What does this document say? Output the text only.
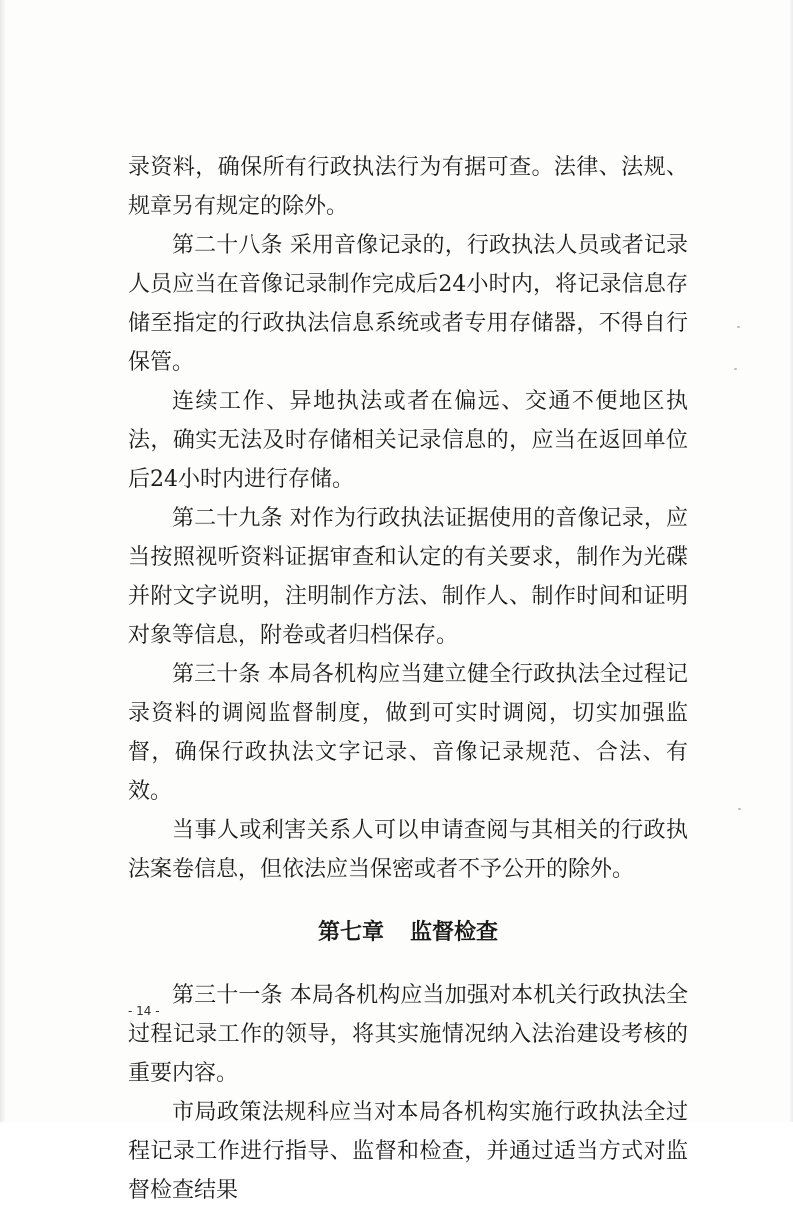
录资料，确保所有行政执法行为有据可查。法律、法规、规章另有规定的除外。

第二十八条 采用音像记录的，行政执法人员或者记录人员应当在音像记录制作完成后24小时内，将记录信息存储至指定的行政执法信息系统或者专用存储器，不得自行保管。

连续工作、异地执法或者在偏远、交通不便地区执法，确实无法及时存储相关记录信息的，应当在返回单位后24小时内进行存储。

第二十九条 对作为行政执法证据使用的音像记录，应当按照视听资料证据审查和认定的有关要求，制作为光碟并附文字说明，注明制作方法、制作人、制作时间和证明对象等信息，附卷或者归档保存。

第三十条 本局各机构应当建立健全行政执法全过程记录资料的调阅监督制度，做到可实时调阅，切实加强监督，确保行政执法文字记录、音像记录规范、合法、有效。

当事人或利害关系人可以申请查阅与其相关的行政执法案卷信息，但依法应当保密或者不予公开的除外。

第七章 监督检查

第三十一条 本局各机构应当加强对本机关行政执法全过程记录工作的领导，将其实施情况纳入法治建设考核的重要内容。

市局政策法规科应当对本局各机构实施行政执法全过程记录工作进行指导、监督和检查，并通过适当方式对监督检查结果

- 14 -
